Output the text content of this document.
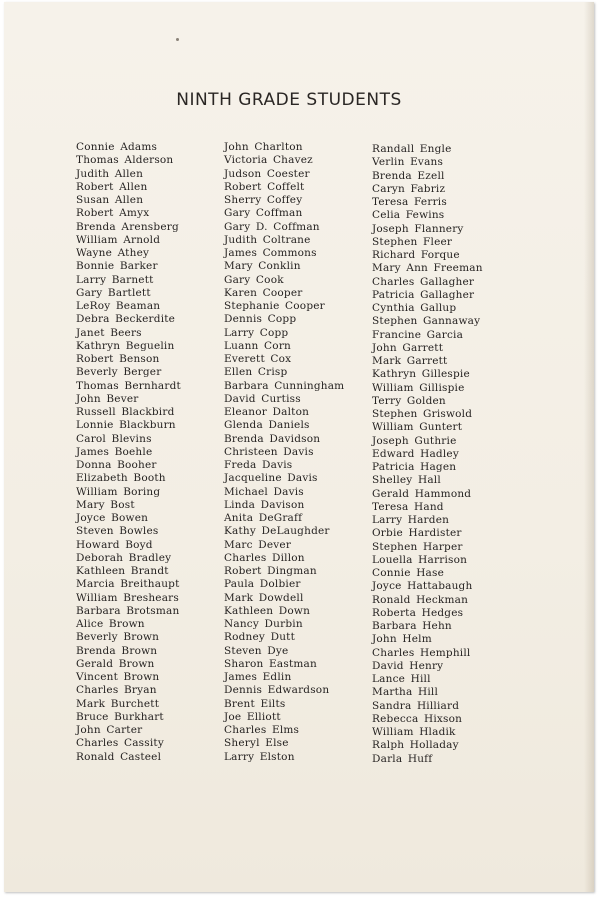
NINTH GRADE STUDENTS
Connie Adams
Thomas Alderson
Judith Allen
Robert Allen
Susan Allen
Robert Amyx
Brenda Arensberg
William Arnold
Wayne Athey
Bonnie Barker
Larry Barnett
Gary Bartlett
LeRoy Beaman
Debra Beckerdite
Janet Beers
Kathryn Beguelin
Robert Benson
Beverly Berger
Thomas Bernhardt
John Bever
Russell Blackbird
Lonnie Blackburn
Carol Blevins
James Boehle
Donna Booher
Elizabeth Booth
William Boring
Mary Bost
Joyce Bowen
Steven Bowles
Howard Boyd
Deborah Bradley
Kathleen Brandt
Marcia Breithaupt
William Breshears
Barbara Brotsman
Alice Brown
Beverly Brown
Brenda Brown
Gerald Brown
Vincent Brown
Charles Bryan
Mark Burchett
Bruce Burkhart
John Carter
Charles Cassity
Ronald Casteel
John Charlton
Victoria Chavez
Judson Coester
Robert Coffelt
Sherry Coffey
Gary Coffman
Gary D. Coffman
Judith Coltrane
James Commons
Mary Conklin
Gary Cook
Karen Cooper
Stephanie Cooper
Dennis Copp
Larry Copp
Luann Corn
Everett Cox
Ellen Crisp
Barbara Cunningham
David Curtiss
Eleanor Dalton
Glenda Daniels
Brenda Davidson
Christeen Davis
Freda Davis
Jacqueline Davis
Michael Davis
Linda Davison
Anita DeGraff
Kathy DeLaughder
Marc Dever
Charles Dillon
Robert Dingman
Paula Dolbier
Mark Dowdell
Kathleen Down
Nancy Durbin
Rodney Dutt
Steven Dye
Sharon Eastman
James Edlin
Dennis Edwardson
Brent Eilts
Joe Elliott
Charles Elms
Sheryl Else
Larry Elston
Randall Engle
Verlin Evans
Brenda Ezell
Caryn Fabriz
Teresa Ferris
Celia Fewins
Joseph Flannery
Stephen Fleer
Richard Forque
Mary Ann Freeman
Charles Gallagher
Patricia Gallagher
Cynthia Gallup
Stephen Gannaway
Francine Garcia
John Garrett
Mark Garrett
Kathryn Gillespie
William Gillispie
Terry Golden
Stephen Griswold
William Guntert
Joseph Guthrie
Edward Hadley
Patricia Hagen
Shelley Hall
Gerald Hammond
Teresa Hand
Larry Harden
Orbie Hardister
Stephen Harper
Louella Harrison
Connie Hase
Joyce Hattabaugh
Ronald Heckman
Roberta Hedges
Barbara Hehn
John Helm
Charles Hemphill
David Henry
Lance Hill
Martha Hill
Sandra Hilliard
Rebecca Hixson
William Hladik
Ralph Holladay
Darla Huff
